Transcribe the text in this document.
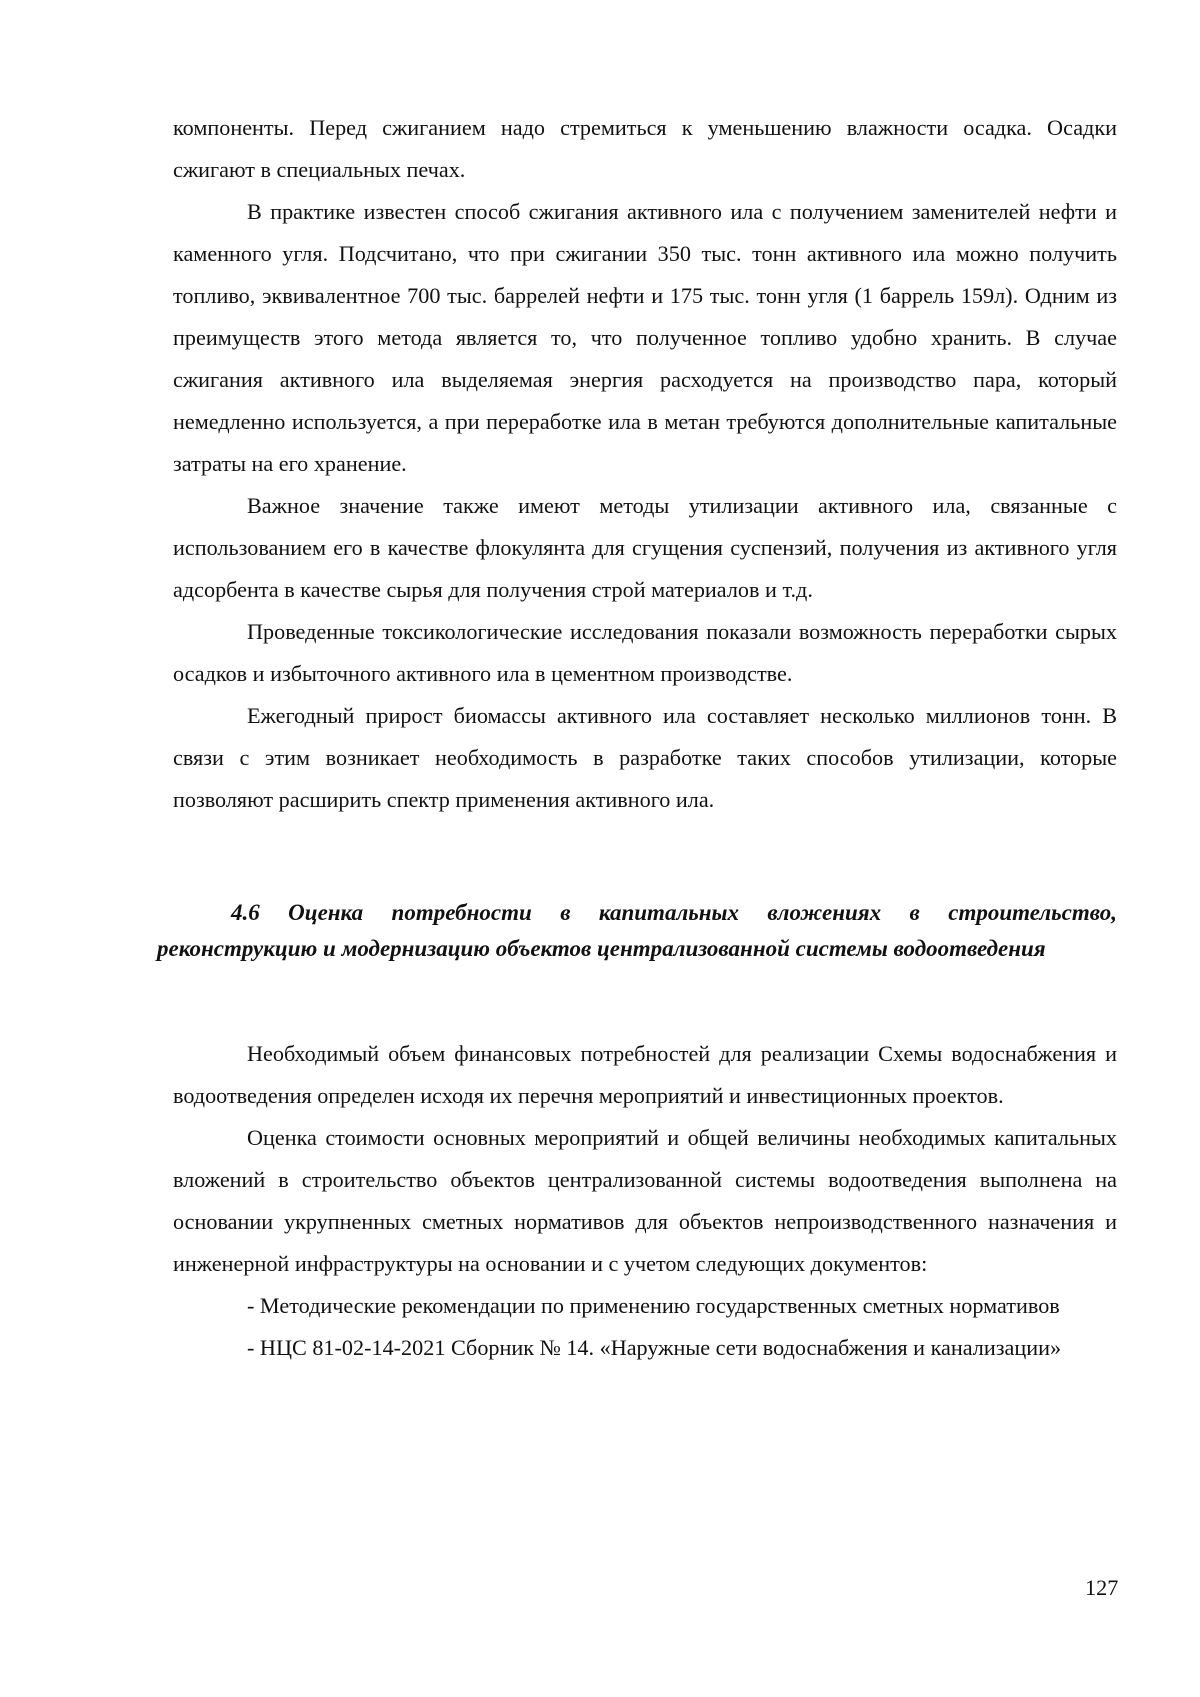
компоненты. Перед сжиганием надо стремиться к уменьшению влажности осадка. Осадки сжигают в специальных печах.

В практике известен способ сжигания активного ила с получением заменителей нефти и каменного угля. Подсчитано, что при сжигании 350 тыс. тонн активного ила можно получить топливо, эквивалентное 700 тыс. баррелей нефти и 175 тыс. тонн угля (1 баррель 159л). Одним из преимуществ этого метода является то, что полученное топливо удобно хранить. В случае сжигания активного ила выделяемая энергия расходуется на производство пара, который немедленно используется, а при переработке ила в метан требуются дополнительные капитальные затраты на его хранение.

Важное значение также имеют методы утилизации активного ила, связанные с использованием его в качестве флокулянта для сгущения суспензий, получения из активного угля адсорбента в качестве сырья для получения строй материалов и т.д.

Проведенные токсикологические исследования показали возможность переработки сырых осадков и избыточного активного ила в цементном производстве.

Ежегодный прирост биомассы активного ила составляет несколько миллионов тонн. В связи с этим возникает необходимость в разработке таких способов утилизации, которые позволяют расширить спектр применения активного ила.

4.6 Оценка потребности в капитальных вложениях в строительство, реконструкцию и модернизацию объектов централизованной системы водоотведения

Необходимый объем финансовых потребностей для реализации Схемы водоснабжения и водоотведения определен исходя их перечня мероприятий и инвестиционных проектов.

Оценка стоимости основных мероприятий и общей величины необходимых капитальных вложений в строительство объектов централизованной системы водоотведения выполнена на основании укрупненных сметных нормативов для объектов непроизводственного назначения и инженерной инфраструктуры на основании и с учетом следующих документов:

- Методические рекомендации по применению государственных сметных нормативов

- НЦС 81-02-14-2021 Сборник № 14. «Наружные сети водоснабжения и канализации»

127
